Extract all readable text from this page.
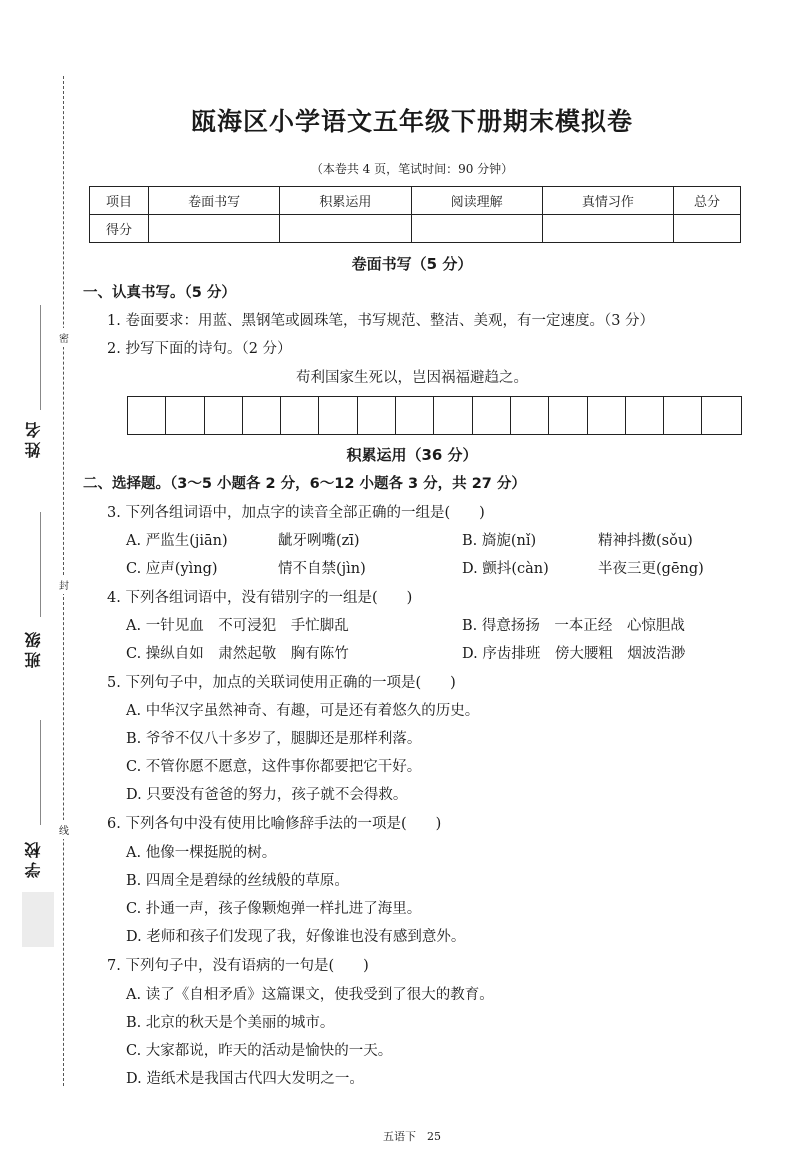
姓名
班级
学校
密
封
线
瓯海区小学语文五年级下册期末模拟卷
（本卷共 4 页，笔试时间：90 分钟）
项目	卷面书写	积累运用	阅读理解	真情习作	总分
得分					
卷面书写（5 分）
一、认真书写。（5 分）
1. 卷面要求：用蓝、黑钢笔或圆珠笔，书写规范、整洁、美观，有一定速度。（3 分）
2. 抄写下面的诗句。（2 分）
苟利国家生死以，岂因祸福避趋之。
积累运用（36 分）
二、选择题。（3～5 小题各 2 分，6～12 小题各 3 分，共 27 分）
3. 下列各组词语中，加点字的读音全部正确的一组是(　　)
A. 严监生(jiān)	龇牙咧嘴(zī)	B. 旖旎(nǐ)	精神抖擞(sǒu)
C. 应声(yìng)	情不自禁(jìn)	D. 颤抖(càn)	半夜三更(gēng)
4. 下列各组词语中，没有错别字的一组是(　　)
A. 一针见血　不可浸犯　手忙脚乱	B. 得意扬扬　一本正经　心惊胆战
C. 操纵自如　肃然起敬　胸有陈竹	D. 序齿排班　傍大腰粗　烟波浩渺
5. 下列句子中，加点的关联词使用正确的一项是(　　)
A. 中华汉字虽然神奇、有趣，可是还有着悠久的历史。
B. 爷爷不仅八十多岁了，腿脚还是那样利落。
C. 不管你愿不愿意，这件事你都要把它干好。
D. 只要没有爸爸的努力，孩子就不会得救。
6. 下列各句中没有使用比喻修辞手法的一项是(　　)
A. 他像一棵挺脱的树。
B. 四周全是碧绿的丝绒般的草原。
C. 扑通一声，孩子像颗炮弹一样扎进了海里。
D. 老师和孩子们发现了我，好像谁也没有感到意外。
7. 下列句子中，没有语病的一句是(　　)
A. 读了《自相矛盾》这篇课文，使我受到了很大的教育。
B. 北京的秋天是个美丽的城市。
C. 大家都说，昨天的活动是愉快的一天。
D. 造纸术是我国古代四大发明之一。
五语下　25
